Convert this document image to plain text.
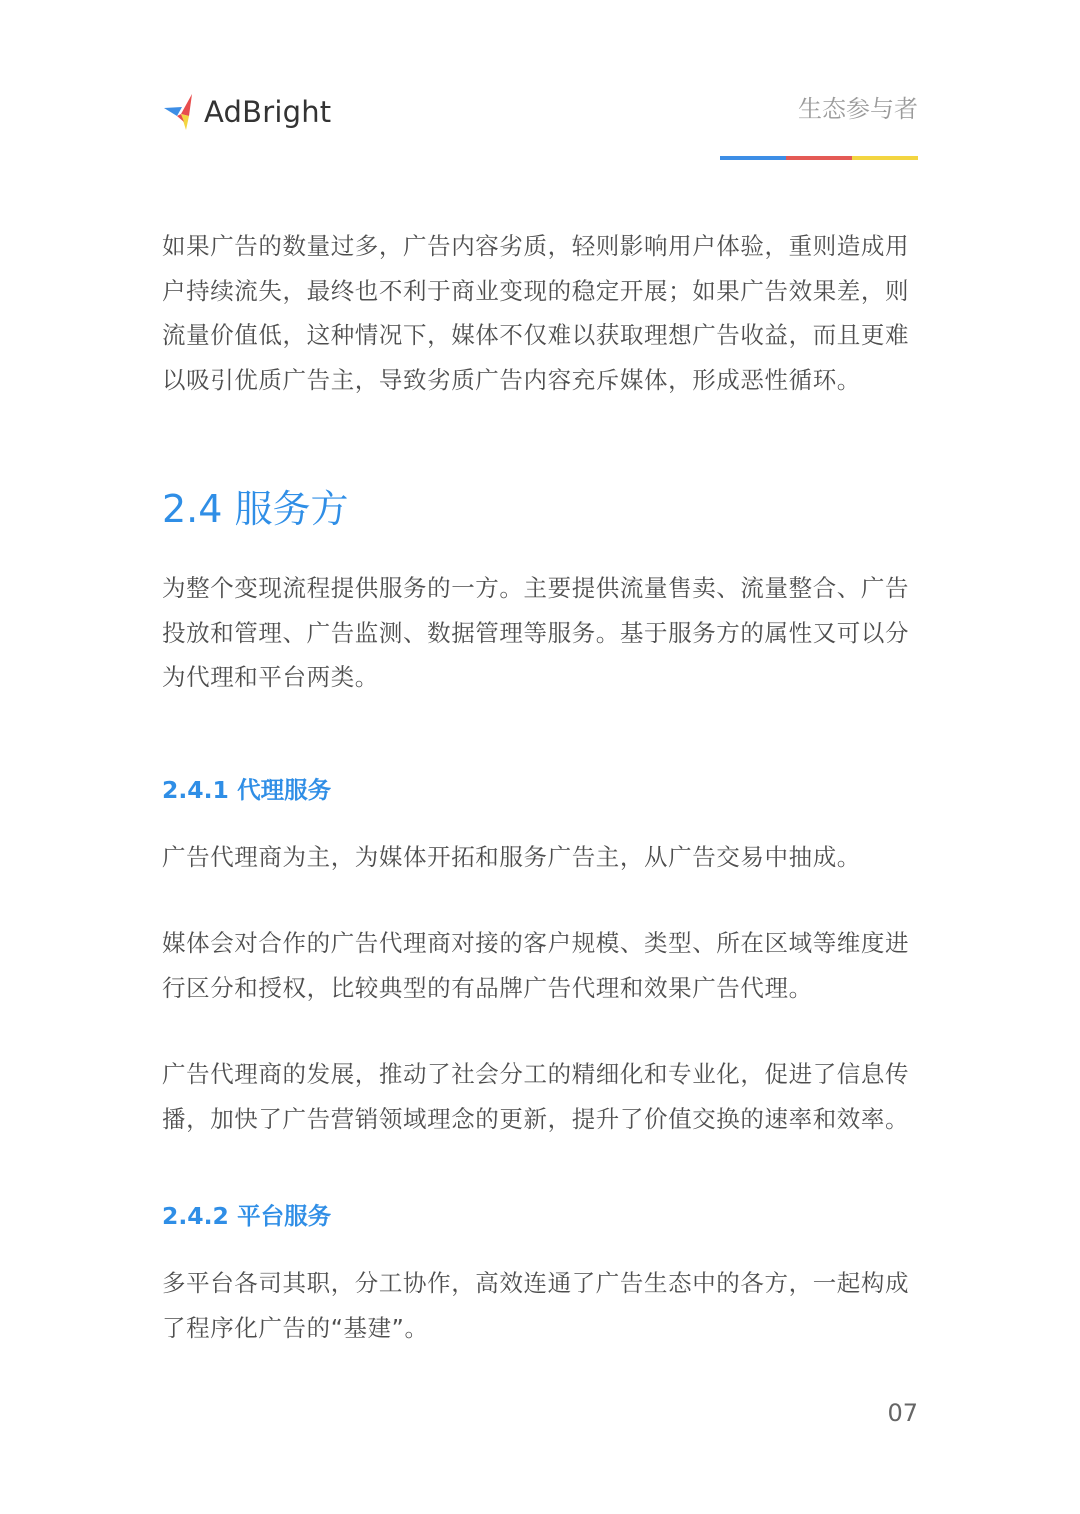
AdBright	生态参与者

如果广告的数量过多，广告内容劣质，轻则影响用户体验，重则造成用户持续流失，最终也不利于商业变现的稳定开展；如果广告效果差，则流量价值低，这种情况下，媒体不仅难以获取理想广告收益，而且更难以吸引优质广告主，导致劣质广告内容充斥媒体，形成恶性循环。

2.4 服务方

为整个变现流程提供服务的一方。主要提供流量售卖、流量整合、广告投放和管理、广告监测、数据管理等服务。基于服务方的属性又可以分为代理和平台两类。

2.4.1 代理服务

广告代理商为主，为媒体开拓和服务广告主，从广告交易中抽成。

媒体会对合作的广告代理商对接的客户规模、类型、所在区域等维度进行区分和授权，比较典型的有品牌广告代理和效果广告代理。

广告代理商的发展，推动了社会分工的精细化和专业化，促进了信息传播，加快了广告营销领域理念的更新，提升了价值交换的速率和效率。

2.4.2 平台服务

多平台各司其职，分工协作，高效连通了广告生态中的各方，一起构成了程序化广告的“基建”。

07
